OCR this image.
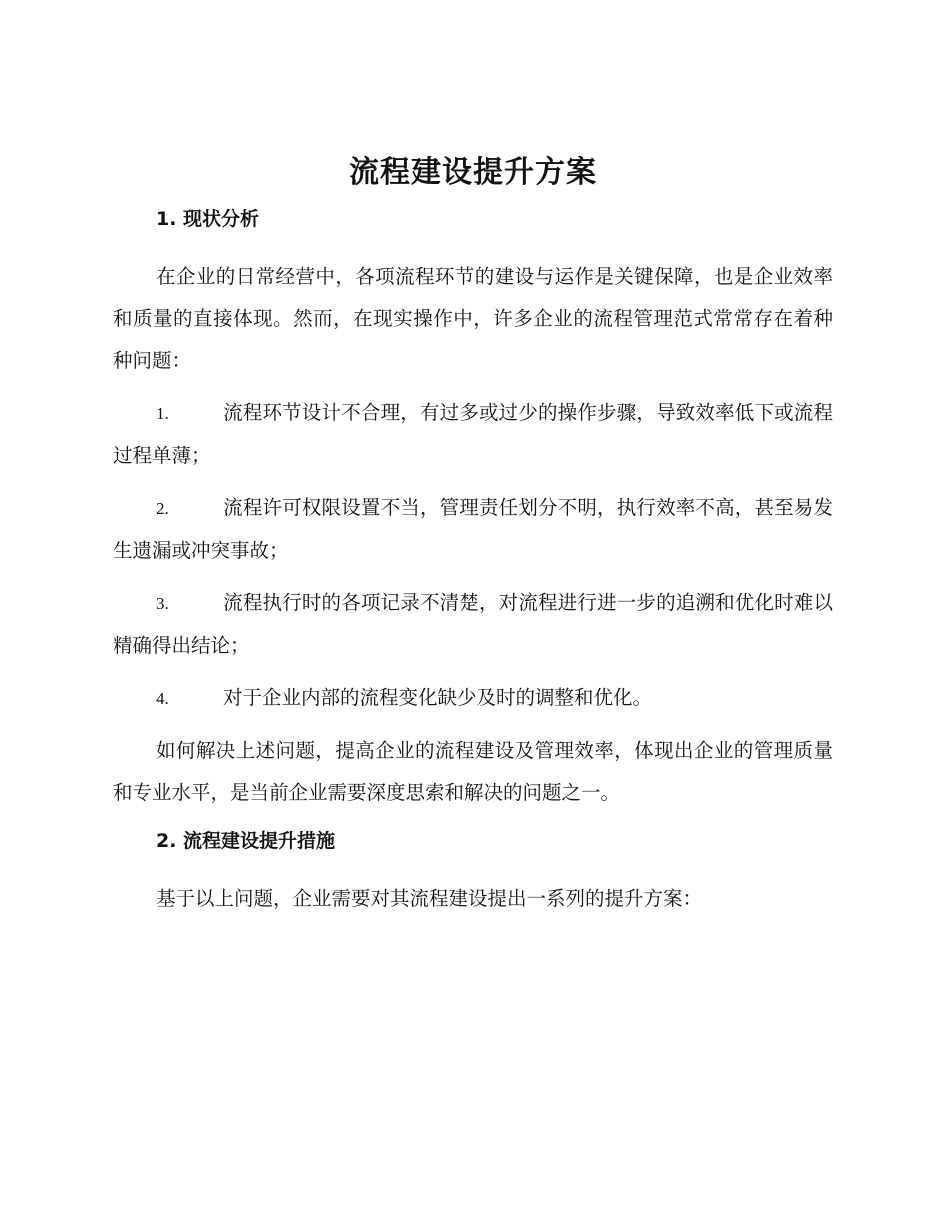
流程建设提升方案
1. 现状分析

在企业的日常经营中，各项流程环节的建设与运作是关键保障，也是企业效率和质量的直接体现。然而，在现实操作中，许多企业的流程管理范式常常存在着种种问题：

1.	流程环节设计不合理，有过多或过少的操作步骤，导致效率低下或流程过程单薄；
2.	流程许可权限设置不当，管理责任划分不明，执行效率不高，甚至易发生遗漏或冲突事故；
3.	流程执行时的各项记录不清楚，对流程进行进一步的追溯和优化时难以精确得出结论；
4.	对于企业内部的流程变化缺少及时的调整和优化。

如何解决上述问题，提高企业的流程建设及管理效率，体现出企业的管理质量和专业水平，是当前企业需要深度思索和解决的问题之一。

2. 流程建设提升措施

基于以上问题，企业需要对其流程建设提出一系列的提升方案：
